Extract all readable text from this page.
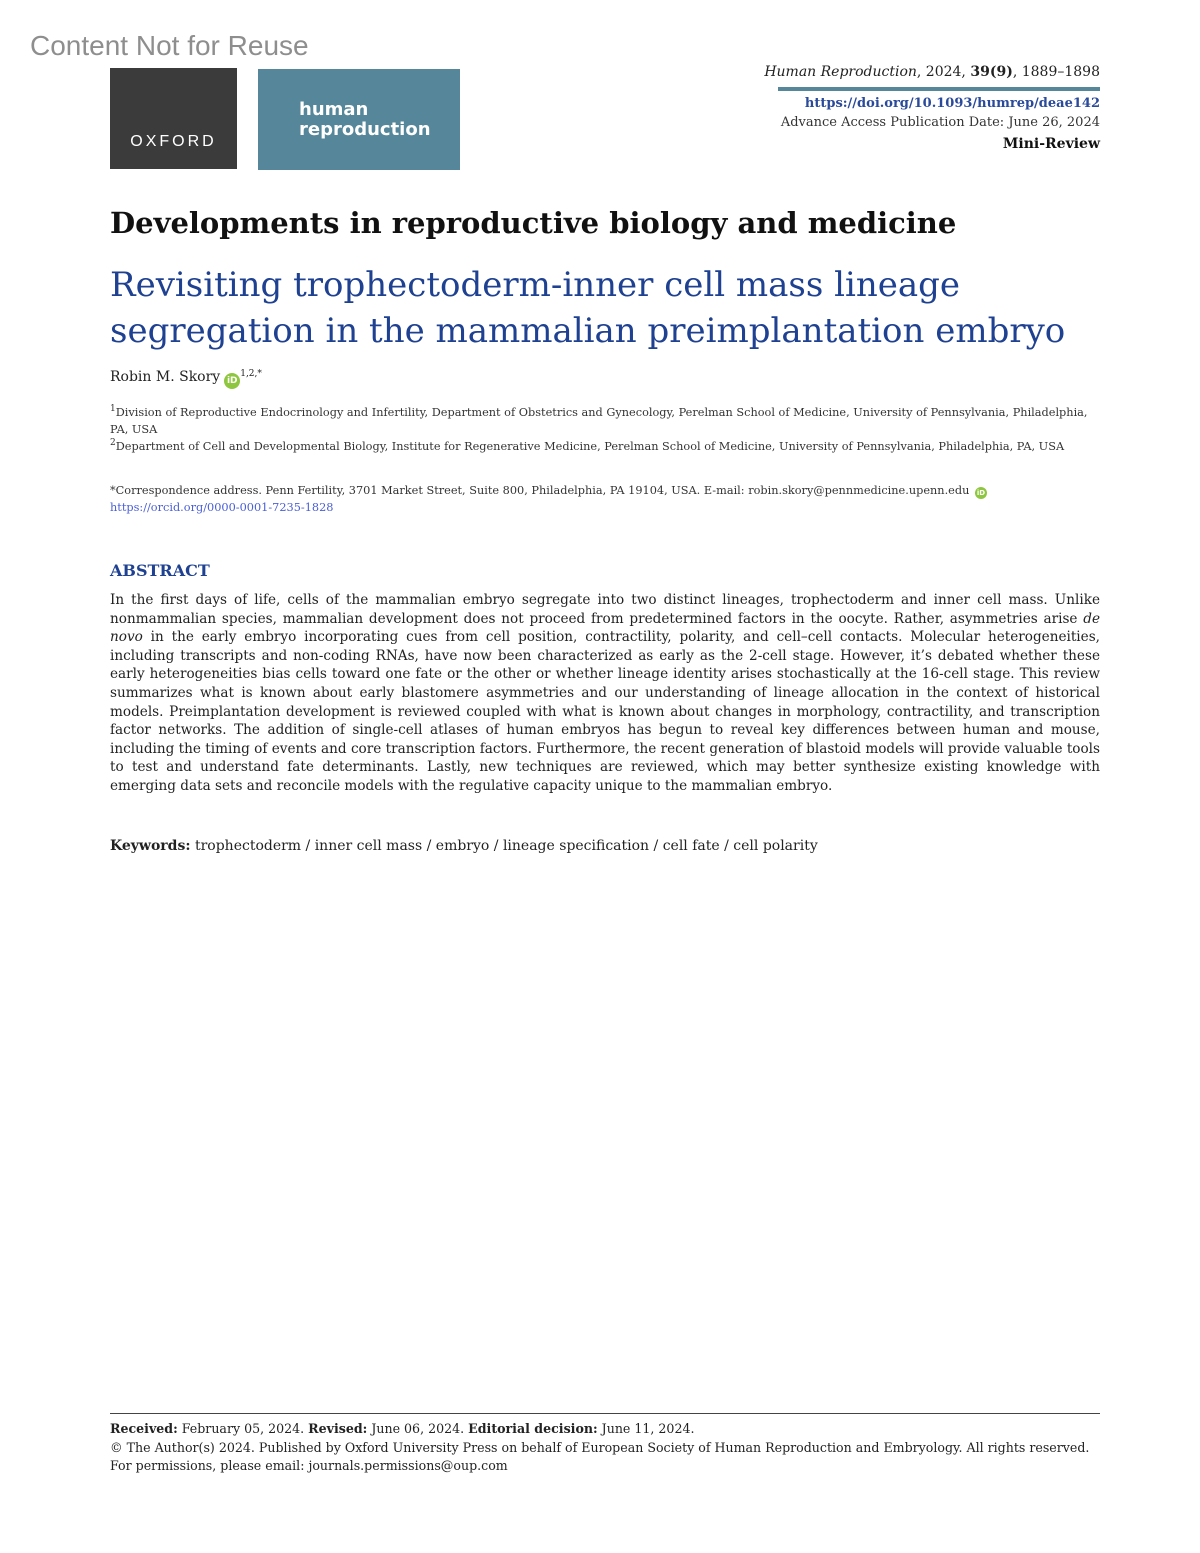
Content Not for Reuse
OXFORD
human
reproduction
Human Reproduction, 2024, 39(9), 1889–1898
https://doi.org/10.1093/humrep/deae142
Advance Access Publication Date: June 26, 2024
Mini-Review
Developments in reproductive biology and medicine
Revisiting trophectoderm-inner cell mass lineage segregation in the mammalian preimplantation embryo
Robin M. Skory $iD^{1,2,*}$
$^1$Division of Reproductive Endocrinology and Infertility, Department of Obstetrics and Gynecology, Perelman School of Medicine, University of Pennsylvania, Philadelphia, PA, USA
$^2$Department of Cell and Developmental Biology, Institute for Regenerative Medicine, Perelman School of Medicine, University of Pennsylvania, Philadelphia, PA, USA
*Correspondence address. Penn Fertility, 3701 Market Street, Suite 800, Philadelphia, PA 19104, USA. E-mail: robin.skory@pennmedicine.upenn.edu iDhttps://orcid.org/0000-0001-7235-1828
ABSTRACT
In the first days of life, cells of the mammalian embryo segregate into two distinct lineages, trophectoderm and inner cell mass. Unlike nonmammalian species, mammalian development does not proceed from predetermined factors in the oocyte. Rather, asymmetries arise de novo in the early embryo incorporating cues from cell position, contractility, polarity, and cell–cell contacts. Molecular heterogeneities, including transcripts and non-coding RNAs, have now been characterized as early as the 2-cell stage. However, it’s debated whether these early heterogeneities bias cells toward one fate or the other or whether lineage identity arises stochastically at the 16-cell stage. This review summarizes what is known about early blastomere asymmetries and our understanding of lineage allocation in the context of historical models. Preimplantation development is reviewed coupled with what is known about changes in morphology, contractility, and transcription factor networks. The addition of single-cell atlases of human embryos has begun to reveal key differences between human and mouse, including the timing of events and core transcription factors. Furthermore, the recent generation of blastoid models will provide valuable tools to test and understand fate determinants. Lastly, new techniques are reviewed, which may better synthesize existing knowledge with emerging data sets and reconcile models with the regulative capacity unique to the mammalian embryo.
Keywords: trophectoderm / inner cell mass / embryo / lineage specification / cell fate / cell polarity
Received: February 05, 2024. Revised: June 06, 2024. Editorial decision: June 11, 2024.
© The Author(s) 2024. Published by Oxford University Press on behalf of European Society of Human Reproduction and Embryology. All rights reserved.
For permissions, please email: journals.permissions@oup.com
